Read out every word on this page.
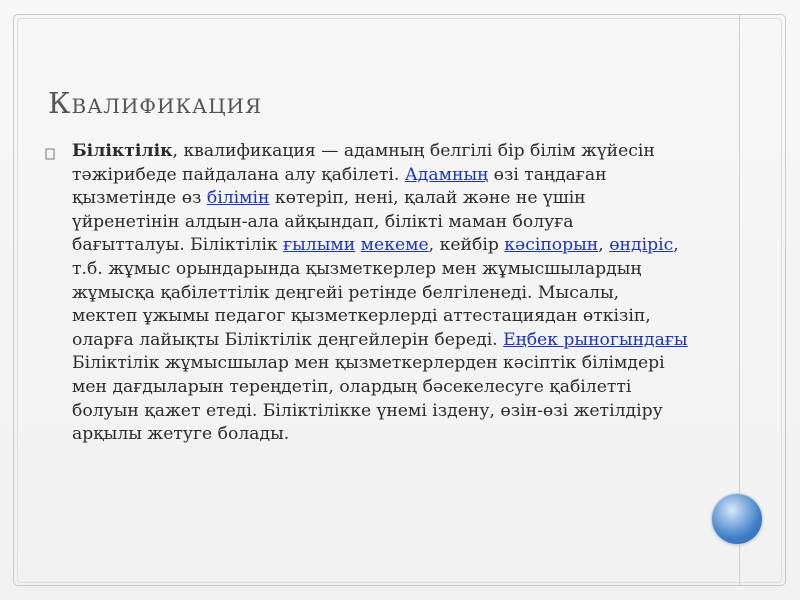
Квалификация

Біліктілік, квалификация — адамның белгілі бір білім жүйесін тәжірибеде пайдалана алу қабілеті. Адамның өзі таңдаған қызметінде өз білімін көтеріп, нені, қалай және не үшін үйренетінін алдын-ала айқындап, білікті маман болуға бағытталуы. Біліктілік ғылыми мекеме, кейбір кәсіпорын, өндіріс, т.б. жұмыс орындарында қызметкерлер мен жұмысшылардың жұмысқа қабілеттілік деңгейі ретінде белгіленеді. Мысалы, мектеп ұжымы педагог қызметкерлерді аттестациядан өткізіп, оларға лайықты Біліктілік деңгейлерін береді. Еңбек рыногындағы Біліктілік жұмысшылар мен қызметкерлерден кәсіптік білімдері мен дағдыларын тереңдетіп, олардың бәсекелесуге қабілетті болуын қажет етеді. Біліктілікке үнемі іздену, өзін-өзі жетілдіру арқылы жетуге болады.
